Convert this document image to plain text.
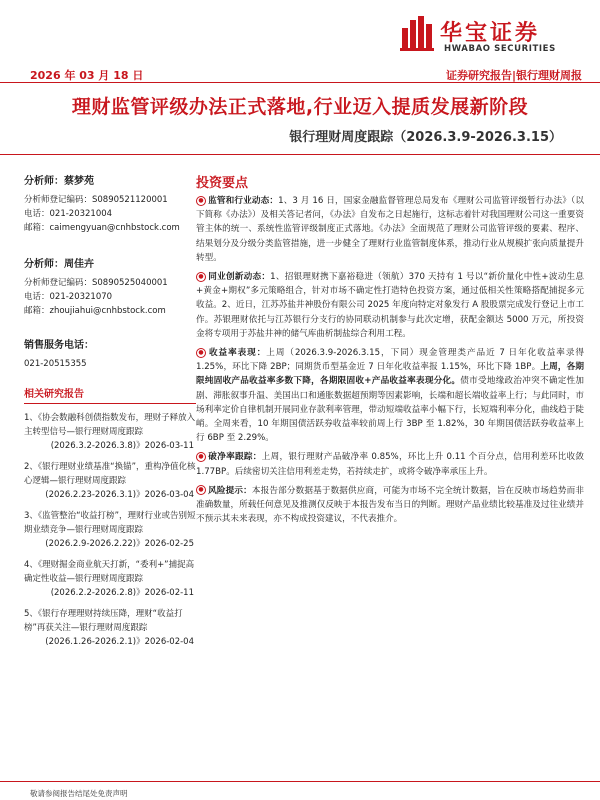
华宝证券
HWABAO SECURITIES
2026 年 03 月 18 日	证券研究报告|银行理财周报
理财监管评级办法正式落地,行业迈入提质发展新阶段
银行理财周度跟踪（2026.3.9-2026.3.15）
分析师：蔡梦苑
分析师登记编码：S0890521120001
电话：021-20321004
邮箱：caimengyuan@cnhbstock.com
分析师：周佳卉
分析师登记编码：S0890525040001
电话：021-20321070
邮箱：zhoujiahui@cnhbstock.com
销售服务电话：
021-20515355
相关研究报告
1、《协会数融科创债指数发布，理财子释放入主转型信号—银行理财周度跟踪
(2026.3.2-2026.3.8)》2026-03-11
2、《银行理财业绩基准“换锚”，重构净值化核心逻辑—银行理财周度跟踪
(2026.2.23-2026.3.1)》2026-03-04
3、《监管整治“收益打榜”，理财行业或告别短期业绩竞争—银行理财周度跟踪
(2026.2.9-2026.2.22)》2026-02-25
4、《理财掘金商业航天打新，“委利+”捕捉高确定性收益—银行理财周度跟踪
(2026.2.2-2026.2.8)》2026-02-11
5、《银行存理理财持续压降，理财“收益打榜”再获关注—银行理财周度跟踪
(2026.1.26-2026.2.1)》2026-02-04
投资要点
● 监管和行业动态：1、3 月 16 日，国家金融监督管理总局发布《理财公司监管评级暂行办法》（以下简称《办法》）及相关答记者问，《办法》自发布之日起施行，这标志着针对我国理财公司这一重要资管主体的统一、系统性监管评级制度正式落地。《办法》全面规范了理财公司监管评级的要素、程序、结果划分及分级分类监管措施，进一步健全了理财行业监管制度体系，推动行业从规模扩张向质量提升转型。
● 同业创新动态：1、招银理财携下嘉裕稳进（领航）370 天持有 1 号以“新价量化中性+波动生息+黄金+期权”多元策略组合，针对市场不确定性打造特色投资方案，通过低相关性策略搭配捕捉多元收益。2、近日，江苏苏盐井神股份有限公司 2025 年度向特定对象发行 A 股股票完成发行登记上市工作。苏银理财依托与江苏银行分支行的协同联动机制参与此次定增，获配金额达 5000 万元，所投资金将专项用于苏盐井神的储气库曲析制盐综合利用工程。
● 收益率表现：上周（2026.3.9-2026.3.15，下同）现金管理类产品近 7 日年化收益率录得 1.25%，环比下降 2BP；同期货币型基金近 7 日年化收益率报 1.15%，环比下降 1BP。上周，各期限纯固收产品收益率多数下降，各期限固收+产品收益率表现分化。债市受地缘政治冲突不确定性加剧、滞胀叙事升温、美国出口和通胀数据超预期等因素影响，长端和超长端收益率上行；与此同时，市场利率定价自律机制开展同业存款利率管理，带动短端收益率小幅下行，长短端利率分化，曲线趋于陡峭。全周来看，10 年期国债活跃券收益率较前周上行 3BP 至 1.82%，30 年期国债活跃券收益率上行 6BP 至 2.29%。
● 破净率跟踪：上周，银行理财产品破净率 0.85%，环比上升 0.11 个百分点，信用利差环比收敛 1.77BP。后续密切关注信用利差走势，若持续走扩，或将令破净率承压上升。
● 风险提示：本报告部分数据基于数据供应商，可能为市场不完全统计数据，旨在反映市场趋势而非准确数量，所载任何意见及推测仅反映于本报告发布当日的判断。理财产品业绩比较基准及过往业绩并不预示其未来表现，亦不构成投资建议，不代表推介。
敬请参阅报告结尾处免责声明
